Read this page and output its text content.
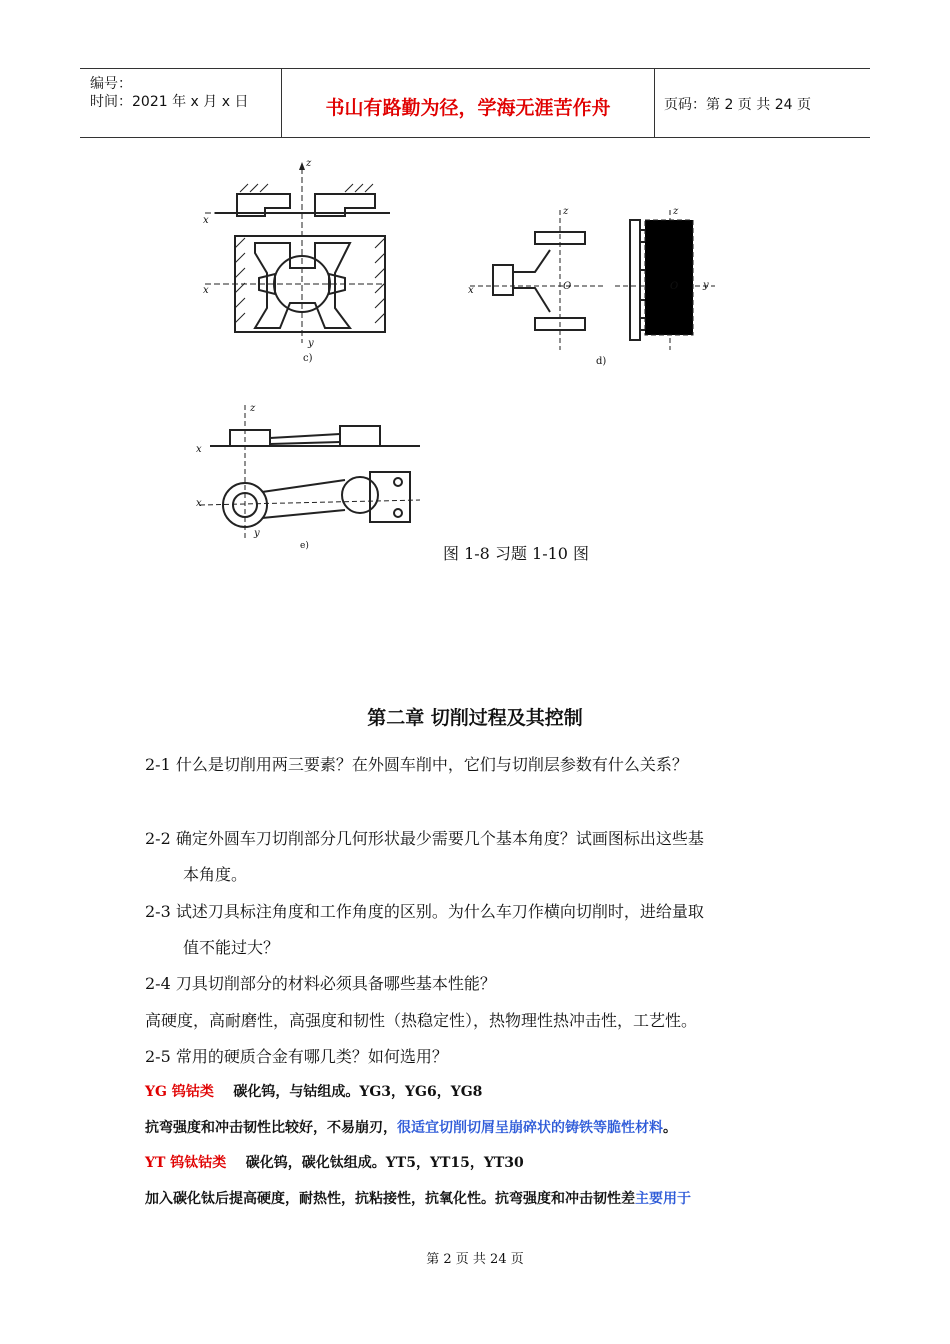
编号：
时间：2021 年 x 月 x 日	书山有路勤为径，学海无涯苦作舟	页码：第 2 页 共 24 页
z
x
x
y
c)
z	z
x	O	O y
d)
z
x
x
y
e)	图 1-8 习题 1-10 图
第二章 切削过程及其控制
2-1 什么是切削用两三要素？在外圆车削中，它们与切削层参数有什么关系？
2-2 确定外圆车刀切削部分几何形状最少需要几个基本角度？试画图标出这些基
本角度。
2-3 试述刀具标注角度和工作角度的区别。为什么车刀作横向切削时，进给量取
值不能过大？
2-4 刀具切削部分的材料必须具备哪些基本性能？
高硬度，高耐磨性，高强度和韧性（热稳定性），热物理性热冲击性，工艺性。
2-5 常用的硬质合金有哪几类？如何选用？
YG 钨钴类 碳化钨，与钴组成。YG3，YG6，YG8
抗弯强度和冲击韧性比较好，不易崩刃，很适宜切削切屑呈崩碎状的铸铁等脆性材料。
YT 钨钛钴类 碳化钨，碳化钛组成。YT5，YT15，YT30
加入碳化钛后提高硬度，耐热性，抗粘接性，抗氧化性。抗弯强度和冲击韧性差主要用于
第 2 页 共 24 页
